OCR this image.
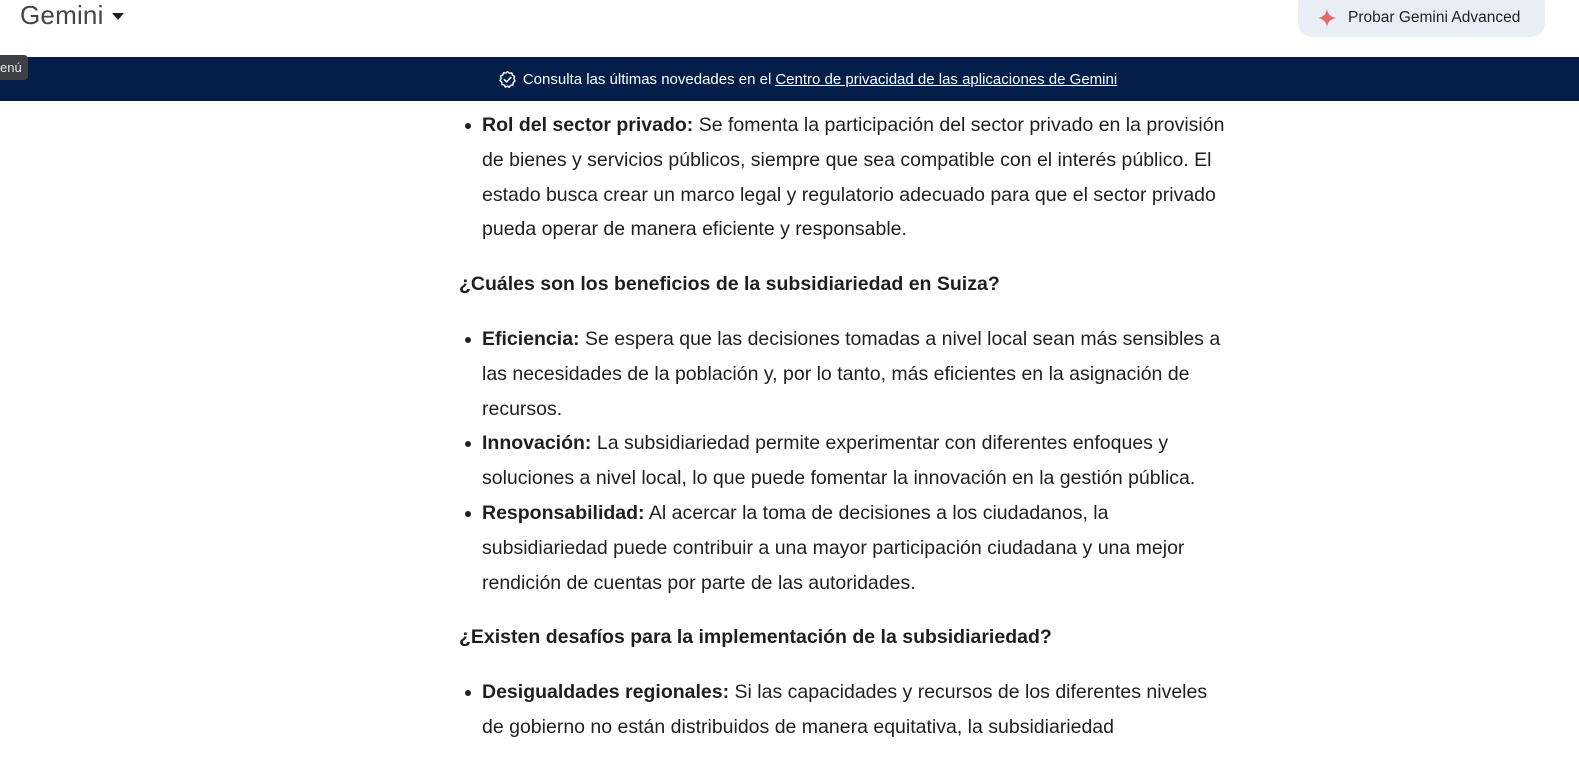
Gemini	Probar Gemini Advanced
Consulta las últimas novedades en el Centro de privacidad de las aplicaciones de Gemini
enú
Rol del sector privado: Se fomenta la participación del sector privado en la provisión de bienes y servicios públicos, siempre que sea compatible con el interés público. El estado busca crear un marco legal y regulatorio adecuado para que el sector privado pueda operar de manera eficiente y responsable.
¿Cuáles son los beneficios de la subsidiariedad en Suiza?
Eficiencia: Se espera que las decisiones tomadas a nivel local sean más sensibles a las necesidades de la población y, por lo tanto, más eficientes en la asignación de recursos.
Innovación: La subsidiariedad permite experimentar con diferentes enfoques y soluciones a nivel local, lo que puede fomentar la innovación en la gestión pública.
Responsabilidad: Al acercar la toma de decisiones a los ciudadanos, la subsidiariedad puede contribuir a una mayor participación ciudadana y una mejor rendición de cuentas por parte de las autoridades.
¿Existen desafíos para la implementación de la subsidiariedad?
Desigualdades regionales: Si las capacidades y recursos de los diferentes niveles de gobierno no están distribuidos de manera equitativa, la subsidiariedad
